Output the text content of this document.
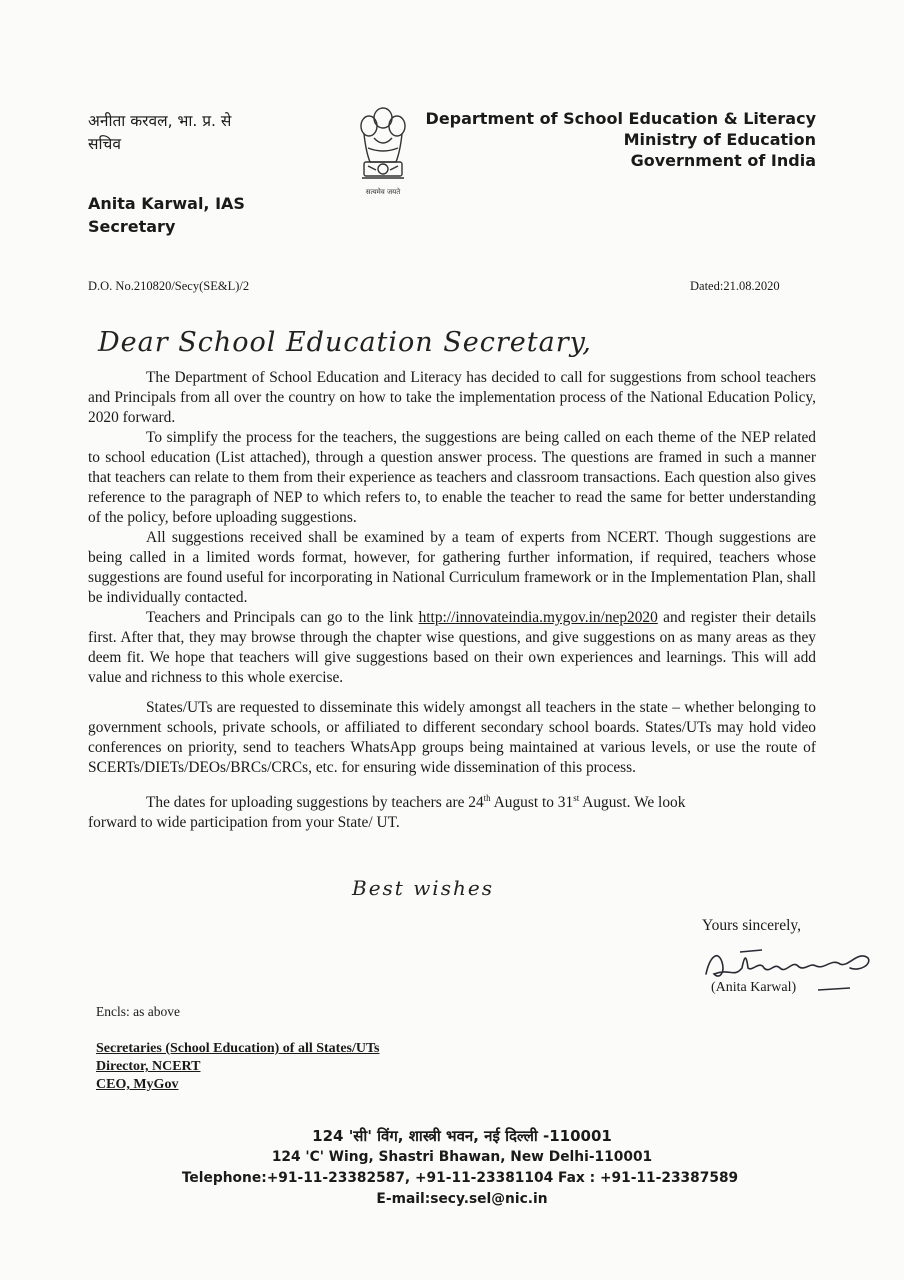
अनीता करवल, भा. प्र. से
सचिव
Anita Karwal, IAS
Secretary
सत्यमेव जयते
Department of School Education & Literacy
Ministry of Education
Government of India
D.O. No.210820/Secy(SE&L)/2	Dated:21.08.2020
Dear School Education Secretary,

The Department of School Education and Literacy has decided to call for suggestions from school teachers and Principals from all over the country on how to take the implementation process of the National Education Policy, 2020 forward.

To simplify the process for the teachers, the suggestions are being called on each theme of the NEP related to school education (List attached), through a question answer process. The questions are framed in such a manner that teachers can relate to them from their experience as teachers and classroom transactions. Each question also gives reference to the paragraph of NEP to which refers to, to enable the teacher to read the same for better understanding of the policy, before uploading suggestions.

All suggestions received shall be examined by a team of experts from NCERT. Though suggestions are being called in a limited words format, however, for gathering further information, if required, teachers whose suggestions are found useful for incorporating in National Curriculum framework or in the Implementation Plan, shall be individually contacted.

Teachers and Principals can go to the link http://innovateindia.mygov.in/nep2020 and register their details first. After that, they may browse through the chapter wise questions, and give suggestions on as many areas as they deem fit. We hope that teachers will give suggestions based on their own experiences and learnings. This will add value and richness to this whole exercise.

States/UTs are requested to disseminate this widely amongst all teachers in the state – whether belonging to government schools, private schools, or affiliated to different secondary school boards. States/UTs may hold video conferences on priority, send to teachers WhatsApp groups being maintained at various levels, or use the route of SCERTs/DIETs/DEOs/BRCs/CRCs, etc. for ensuring wide dissemination of this process.

The dates for uploading suggestions by teachers are 24th August to 31st August. We look

forward to wide participation from your State/ UT.
Best wishes
Yours sincerely,
(Anita Karwal)
Encls: as above
Secretaries (School Education) of all States/UTs
Director, NCERT
CEO, MyGov
124 'सी' विंग, शास्त्री भवन, नई दिल्ली -110001
124 'C' Wing, Shastri Bhawan, New Delhi-110001
Telephone:+91-11-23382587, +91-11-23381104 Fax : +91-11-23387589
E-mail:secy.sel@nic.in
